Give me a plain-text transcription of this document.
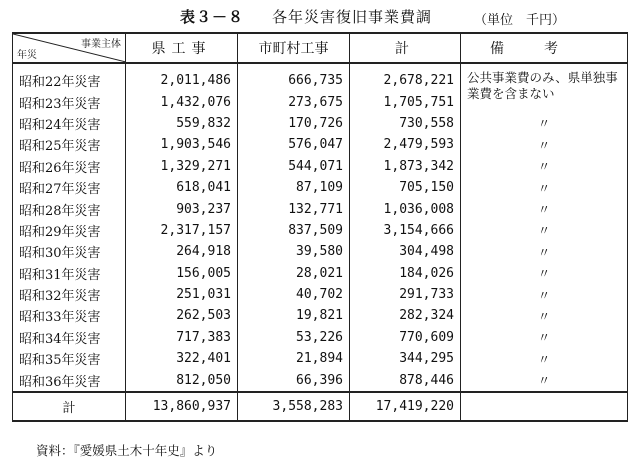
表３－８ 各年災害復旧事業費調	（単位　千円）
事業主体
年災	県工事	市町村工事	計	備考
昭和22年災害	2,011,486	666,735	2,678,221	公共事業費のみ、県単独事業費を含まない
昭和23年災害	1,432,076	273,675	1,705,751	
昭和24年災害	559,832	170,726	730,558	〃
昭和25年災害	1,903,546	576,047	2,479,593	〃
昭和26年災害	1,329,271	544,071	1,873,342	〃
昭和27年災害	618,041	87,109	705,150	〃
昭和28年災害	903,237	132,771	1,036,008	〃
昭和29年災害	2,317,157	837,509	3,154,666	〃
昭和30年災害	264,918	39,580	304,498	〃
昭和31年災害	156,005	28,021	184,026	〃
昭和32年災害	251,031	40,702	291,733	〃
昭和33年災害	262,503	19,821	282,324	〃
昭和34年災害	717,383	53,226	770,609	〃
昭和35年災害	322,401	21,894	344,295	〃
昭和36年災害	812,050	66,396	878,446	〃
計	13,860,937	3,558,283	17,419,220	
資料：『愛媛県土木十年史』より
